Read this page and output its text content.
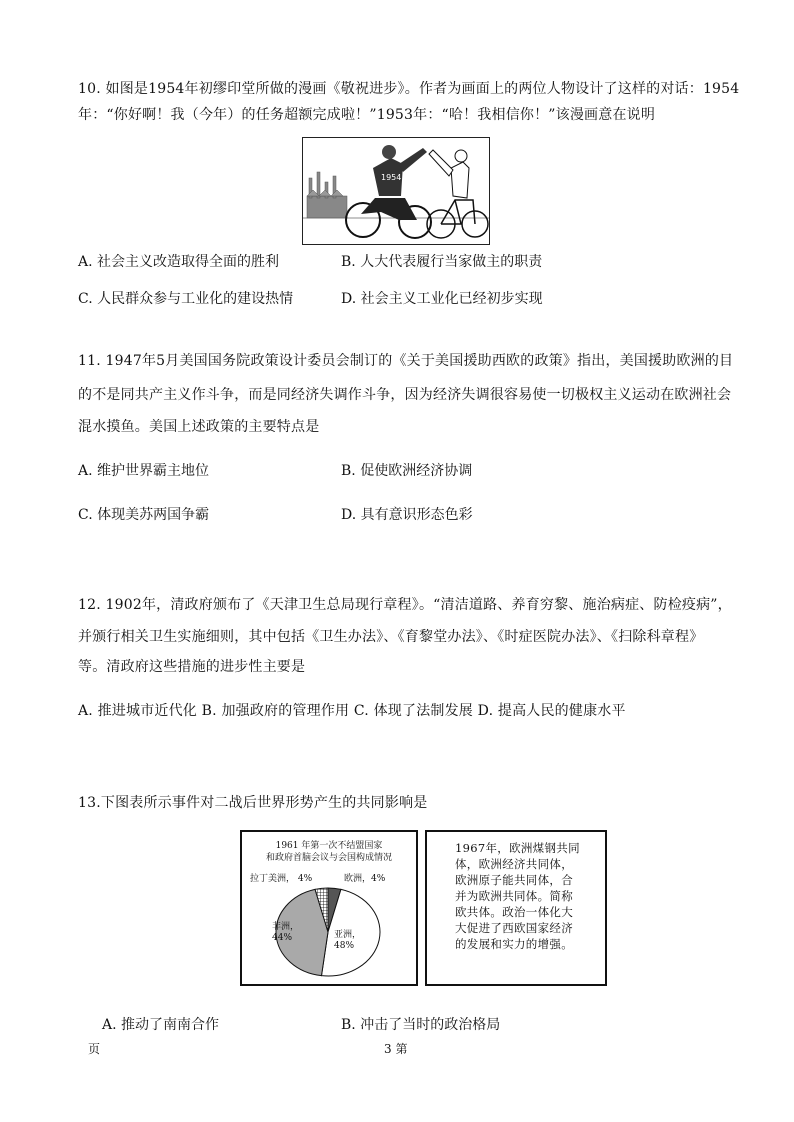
10. 如图是1954年初缪印堂所做的漫画《敬祝进步》。作者为画面上的两位人物设计了这样的对话：1954
年：“你好啊！我（今年）的任务超额完成啦！”1953年：“哈！我相信你！”该漫画意在说明
1954
A. 社会主义改造取得全面的胜利	B. 人大代表履行当家做主的职责
C. 人民群众参与工业化的建设热情	D. 社会主义工业化已经初步实现
11. 1947年5月美国国务院政策设计委员会制订的《关于美国援助西欧的政策》指出，美国援助欧洲的目
的不是同共产主义作斗争，而是同经济失调作斗争，因为经济失调很容易使一切极权主义运动在欧洲社会
混水摸鱼。美国上述政策的主要特点是
A. 维护世界霸主地位	B. 促使欧洲经济协调
C. 体现美苏两国争霸	D. 具有意识形态色彩
12. 1902年，清政府颁布了《天津卫生总局现行章程》。“清洁道路、养育穷黎、施治病症、防检疫病”，
并颁行相关卫生实施细则，其中包括《卫生办法》、《育黎堂办法》、《时症医院办法》、《扫除科章程》
等。清政府这些措施的进步性主要是
A. 推进城市近代化 B. 加强政府的管理作用 C. 体现了法制发展 D. 提高人民的健康水平
13.下图表所示事件对二战后世界形势产生的共同影响是
1961 年第一次不结盟国家
和政府首脑会议与会国构成情况
拉丁美洲， 4%	欧洲，4%
非洲，
44%	亚洲，
48%
1967年，欧洲煤钢共同体，欧洲经济共同体，欧洲原子能共同体，合并为欧洲共同体。简称欧共体。政治一体化大大促进了西欧国家经济的发展和实力的增强。
A. 推动了南南合作	B. 冲击了当时的政治格局
页	3 第
